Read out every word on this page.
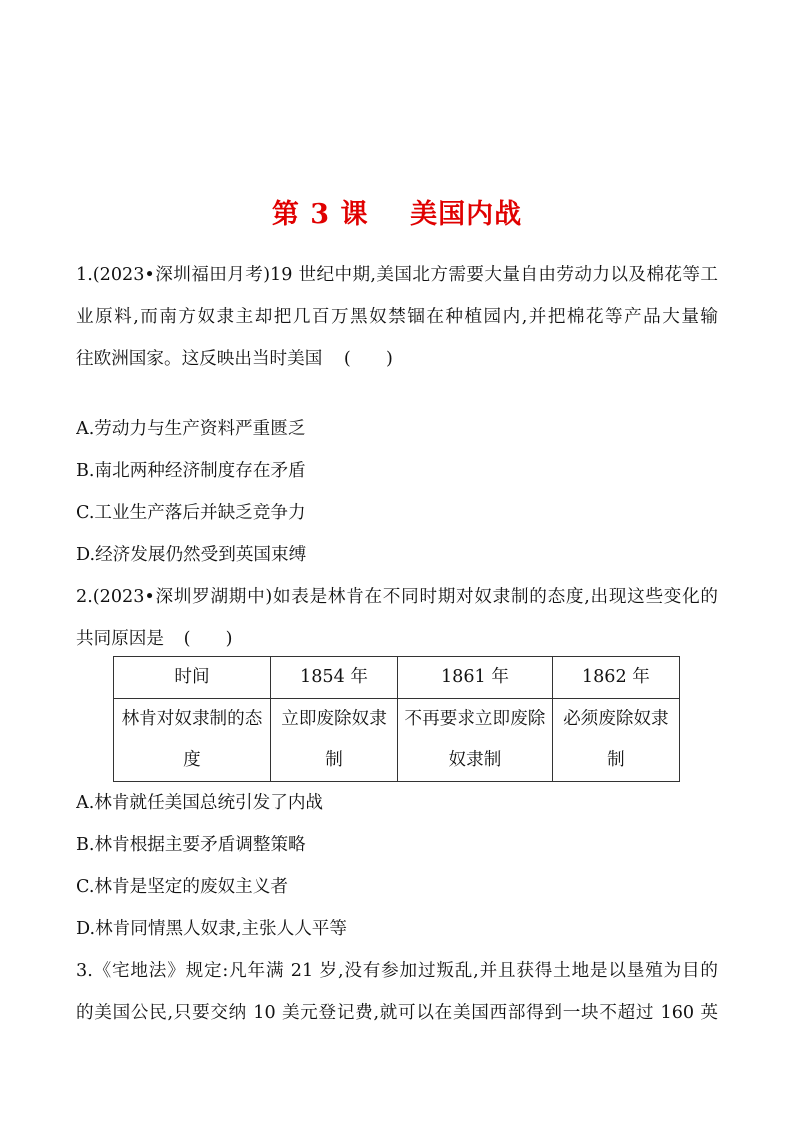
第 3 课    美国内战
1.(2023•深圳福田月考)19 世纪中期,美国北方需要大量自由劳动力以及棉花等工
业原料,而南方奴隶主却把几百万黑奴禁锢在种植园内,并把棉花等产品大量输
往欧洲国家。这反映出当时美国 (　　)
A.劳动力与生产资料严重匮乏
B.南北两种经济制度存在矛盾
C.工业生产落后并缺乏竞争力
D.经济发展仍然受到英国束缚
2.(2023•深圳罗湖期中)如表是林肯在不同时期对奴隶制的态度,出现这些变化的
共同原因是 (　　)
时间	1854 年	1861 年	1862 年
林肯对奴隶制的态度	立即废除奴隶制	不再要求立即废除奴隶制	必须废除奴隶制
A.林肯就任美国总统引发了内战
B.林肯根据主要矛盾调整策略
C.林肯是坚定的废奴主义者
D.林肯同情黑人奴隶,主张人人平等
3.《宅地法》规定:凡年满 21 岁,没有参加过叛乱,并且获得土地是以垦殖为目的
的美国公民,只要交纳 10 美元登记费,就可以在美国西部得到一块不超过 160 英
